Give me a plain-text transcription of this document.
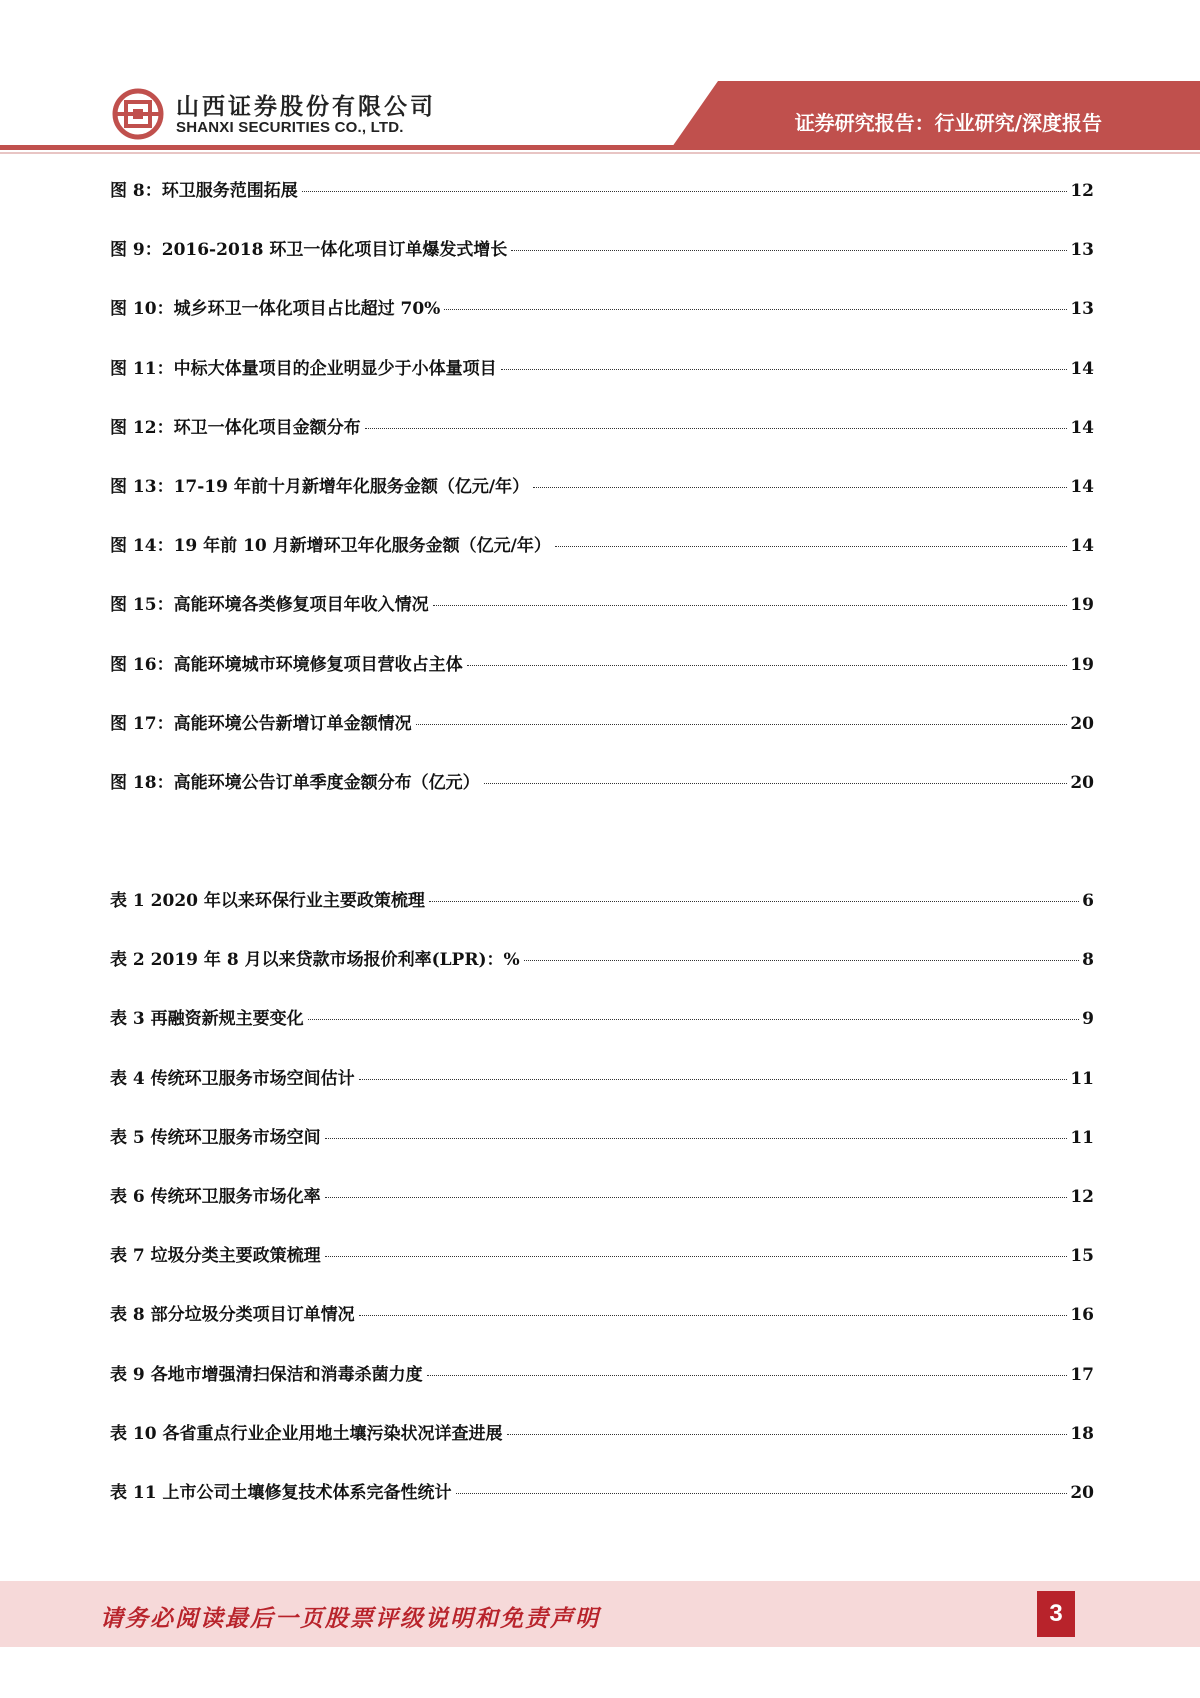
山西证券股份有限公司
SHANXI SECURITIES CO., LTD.	证券研究报告：行业研究/深度报告
图 8：环卫服务范围拓展	12
图 9：2016-2018 环卫一体化项目订单爆发式增长	13
图 10：城乡环卫一体化项目占比超过 70%	13
图 11：中标大体量项目的企业明显少于小体量项目	14
图 12：环卫一体化项目金额分布	14
图 13：17-19 年前十月新增年化服务金额（亿元/年）	14
图 14：19 年前 10 月新增环卫年化服务金额（亿元/年）	14
图 15：高能环境各类修复项目年收入情况	19
图 16：高能环境城市环境修复项目营收占主体	19
图 17：高能环境公告新增订单金额情况	20
图 18：高能环境公告订单季度金额分布（亿元）	20
表 1 2020 年以来环保行业主要政策梳理	6
表 2 2019 年 8 月以来贷款市场报价利率(LPR)：%	8
表 3 再融资新规主要变化	9
表 4 传统环卫服务市场空间估计	11
表 5 传统环卫服务市场空间	11
表 6 传统环卫服务市场化率	12
表 7 垃圾分类主要政策梳理	15
表 8 部分垃圾分类项目订单情况	16
表 9 各地市增强清扫保洁和消毒杀菌力度	17
表 10 各省重点行业企业用地土壤污染状况详查进展	18
表 11 上市公司土壤修复技术体系完备性统计	20
请务必阅读最后一页股票评级说明和免责声明	3
